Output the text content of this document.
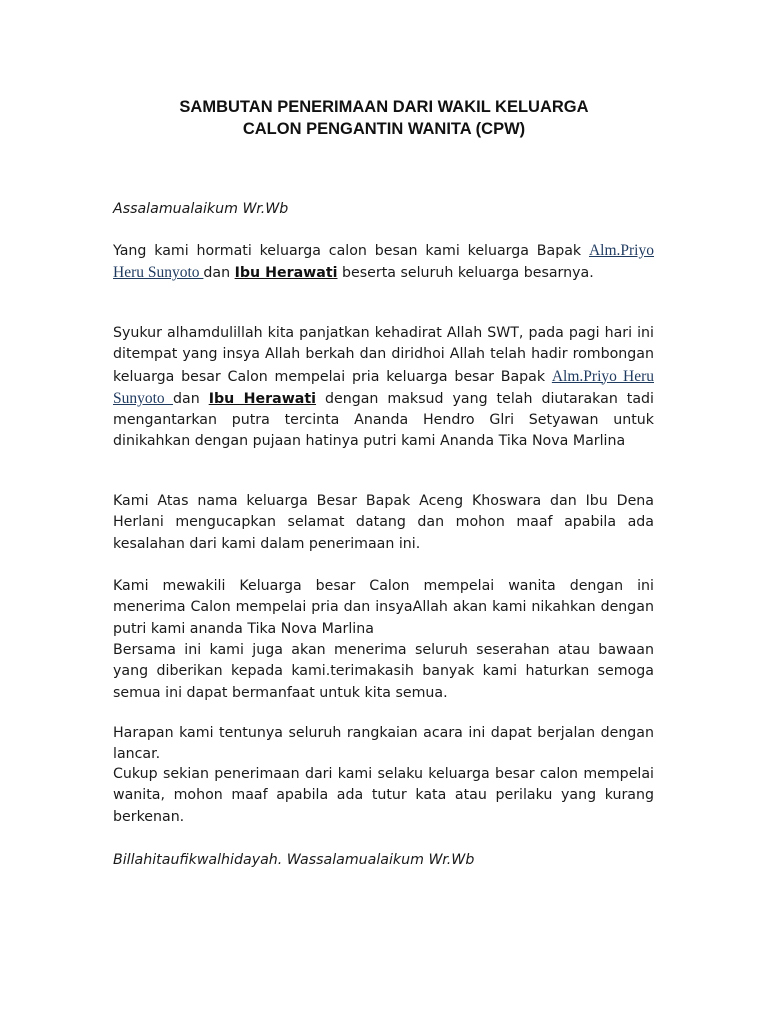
SAMBUTAN PENERIMAAN DARI WAKIL KELUARGA
CALON PENGANTIN WANITA (CPW)

Assalamualaikum Wr.Wb

Yang kami hormati keluarga calon besan kami keluarga Bapak Alm.Priyo Heru Sunyoto dan Ibu Herawati beserta seluruh keluarga besarnya.

Syukur alhamdulillah kita panjatkan kehadirat Allah SWT, pada pagi hari ini ditempat yang insya Allah berkah dan diridhoi Allah telah hadir rombongan keluarga besar Calon mempelai pria keluarga besar Bapak Alm.Priyo Heru Sunyoto dan Ibu Herawati dengan maksud yang telah diutarakan tadi mengantarkan putra tercinta Ananda Hendro Glri Setyawan untuk dinikahkan dengan pujaan hatinya putri kami Ananda Tika Nova Marlina

Kami Atas nama keluarga Besar Bapak Aceng Khoswara dan Ibu Dena Herlani mengucapkan selamat datang dan mohon maaf apabila ada kesalahan dari kami dalam penerimaan ini.

Kami mewakili Keluarga besar Calon mempelai wanita dengan ini menerima Calon mempelai pria dan insyaAllah akan kami nikahkan dengan putri kami ananda Tika Nova Marlina

Bersama ini kami juga akan menerima seluruh seserahan atau bawaan yang diberikan kepada kami.terimakasih banyak kami haturkan semoga semua ini dapat bermanfaat untuk kita semua.

Harapan kami tentunya seluruh rangkaian acara ini dapat berjalan dengan lancar.

Cukup sekian penerimaan dari kami selaku keluarga besar calon mempelai wanita, mohon maaf apabila ada tutur kata atau perilaku yang kurang berkenan.

Billahitaufikwalhidayah. Wassalamualaikum Wr.Wb
